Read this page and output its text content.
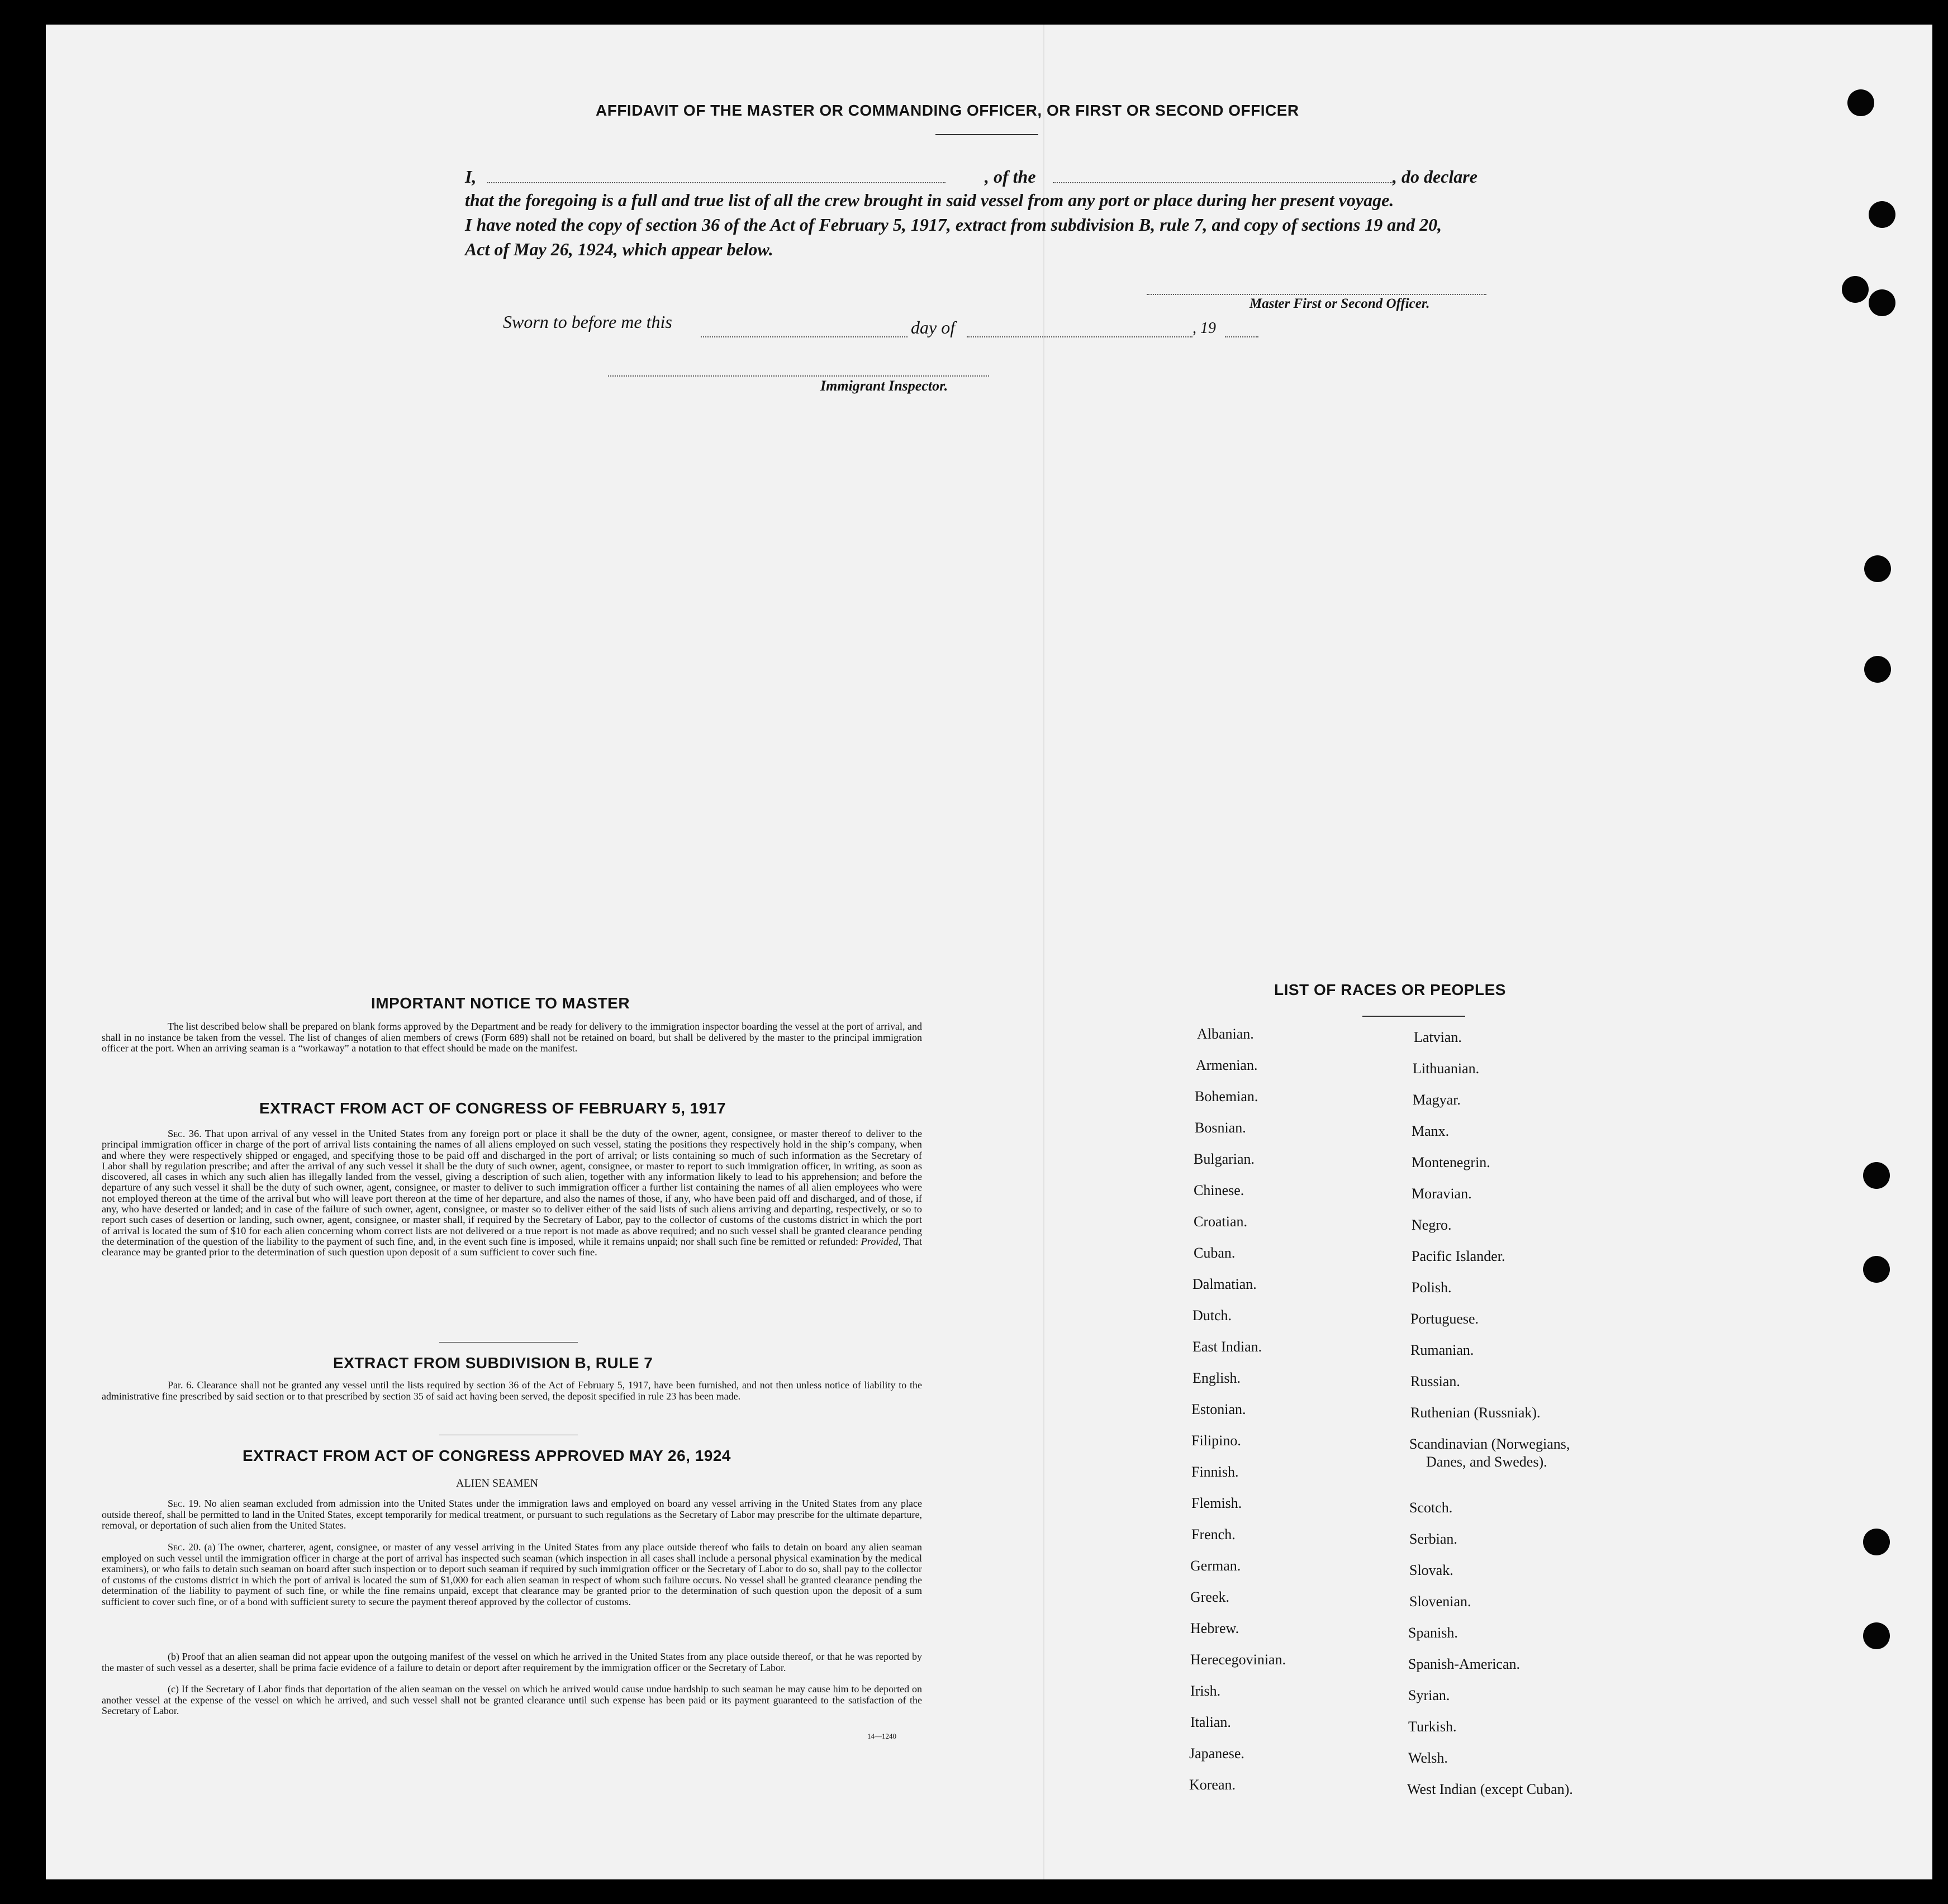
AFFIDAVIT OF THE MASTER OR COMMANDING OFFICER, OR FIRST OR SECOND OFFICER
I,	, of the	, do declare
that the foregoing is a full and true list of all the crew brought in said vessel from any port or place during her present voyage.
I have noted the copy of section 36 of the Act of February 5, 1917, extract from subdivision B, rule 7, and copy of sections 19 and 20,
Act of May 26, 1924, which appear below.
Master First or Second Officer.
Sworn to before me this	day of	, 19
Immigrant Inspector.
IMPORTANT NOTICE TO MASTER
The list described below shall be prepared on blank forms approved by the Department and be ready for delivery to the immigration inspector boarding the vessel at the port of arrival, and shall in no instance be taken from the vessel. The list of changes of alien members of crews (Form 689) shall not be retained on board, but shall be delivered by the master to the principal immigration officer at the port. When an arriving seaman is a “workaway” a notation to that effect should be made on the manifest.
EXTRACT FROM ACT OF CONGRESS OF FEBRUARY 5, 1917
Sec. 36. That upon arrival of any vessel in the United States from any foreign port or place it shall be the duty of the owner, agent, consignee, or master thereof to deliver to the principal immigration officer in charge of the port of arrival lists containing the names of all aliens employed on such vessel, stating the positions they respectively hold in the ship’s company, when and where they were respectively shipped or engaged, and specifying those to be paid off and discharged in the port of arrival; or lists containing so much of such information as the Secretary of Labor shall by regulation prescribe; and after the arrival of any such vessel it shall be the duty of such owner, agent, consignee, or master to report to such immigration officer, in writing, as soon as discovered, all cases in which any such alien has illegally landed from the vessel, giving a description of such alien, together with any information likely to lead to his apprehension; and before the departure of any such vessel it shall be the duty of such owner, agent, consignee, or master to deliver to such immigration officer a further list containing the names of all alien employees who were not employed thereon at the time of the arrival but who will leave port thereon at the time of her departure, and also the names of those, if any, who have been paid off and discharged, and of those, if any, who have deserted or landed; and in case of the failure of such owner, agent, consignee, or master so to deliver either of the said lists of such aliens arriving and departing, respectively, or so to report such cases of desertion or landing, such owner, agent, consignee, or master shall, if required by the Secretary of Labor, pay to the collector of customs of the customs district in which the port of arrival is located the sum of $10 for each alien concerning whom correct lists are not delivered or a true report is not made as above required; and no such vessel shall be granted clearance pending the determination of the question of the liability to the payment of such fine, and, in the event such fine is imposed, while it remains unpaid; nor shall such fine be remitted or refunded: Provided, That clearance may be granted prior to the determination of such question upon deposit of a sum sufficient to cover such fine.
EXTRACT FROM SUBDIVISION B, RULE 7
Par. 6. Clearance shall not be granted any vessel until the lists required by section 36 of the Act of February 5, 1917, have been furnished, and not then unless notice of liability to the administrative fine prescribed by said section or to that prescribed by section 35 of said act having been served, the deposit specified in rule 23 has been made.
EXTRACT FROM ACT OF CONGRESS APPROVED MAY 26, 1924
ALIEN SEAMEN
Sec. 19. No alien seaman excluded from admission into the United States under the immigration laws and employed on board any vessel arriving in the United States from any place outside thereof, shall be permitted to land in the United States, except temporarily for medical treatment, or pursuant to such regulations as the Secretary of Labor may prescribe for the ultimate departure, removal, or deportation of such alien from the United States.
Sec. 20. (a) The owner, charterer, agent, consignee, or master of any vessel arriving in the United States from any place outside thereof who fails to detain on board any alien seaman employed on such vessel until the immigration officer in charge at the port of arrival has inspected such seaman (which inspection in all cases shall include a personal physical examination by the medical examiners), or who fails to detain such seaman on board after such inspection or to deport such seaman if required by such immigration officer or the Secretary of Labor to do so, shall pay to the collector of customs of the customs district in which the port of arrival is located the sum of $1,000 for each alien seaman in respect of whom such failure occurs. No vessel shall be granted clearance pending the determination of the liability to payment of such fine, or while the fine remains unpaid, except that clearance may be granted prior to the determination of such question upon the deposit of a sum sufficient to cover such fine, or of a bond with sufficient surety to secure the payment thereof approved by the collector of customs.
(b) Proof that an alien seaman did not appear upon the outgoing manifest of the vessel on which he arrived in the United States from any place outside thereof, or that he was reported by the master of such vessel as a deserter, shall be prima facie evidence of a failure to detain or deport after requirement by the immigration officer or the Secretary of Labor.
(c) If the Secretary of Labor finds that deportation of the alien seaman on the vessel on which he arrived would cause undue hardship to such seaman he may cause him to be deported on another vessel at the expense of the vessel on which he arrived, and such vessel shall not be granted clearance until such expense has been paid or its payment guaranteed to the satisfaction of the Secretary of Labor.
14—1240
LIST OF RACES OR PEOPLES
Albanian.
Armenian.
Bohemian.
Bosnian.
Bulgarian.
Chinese.
Croatian.
Cuban.
Dalmatian.
Dutch.
East Indian.
English.
Estonian.
Filipino.
Finnish.
Flemish.
French.
German.
Greek.
Hebrew.
Herecegovinian.
Irish.
Italian.
Japanese.
Korean.
Latvian.
Lithuanian.
Magyar.
Manx.
Montenegrin.
Moravian.
Negro.
Pacific Islander.
Polish.
Portuguese.
Rumanian.
Russian.
Ruthenian (Russniak).
Scandinavian (Norwegians,
Danes, and Swedes).
Scotch.
Serbian.
Slovak.
Slovenian.
Spanish.
Spanish-American.
Syrian.
Turkish.
Welsh.
West Indian (except Cuban).
